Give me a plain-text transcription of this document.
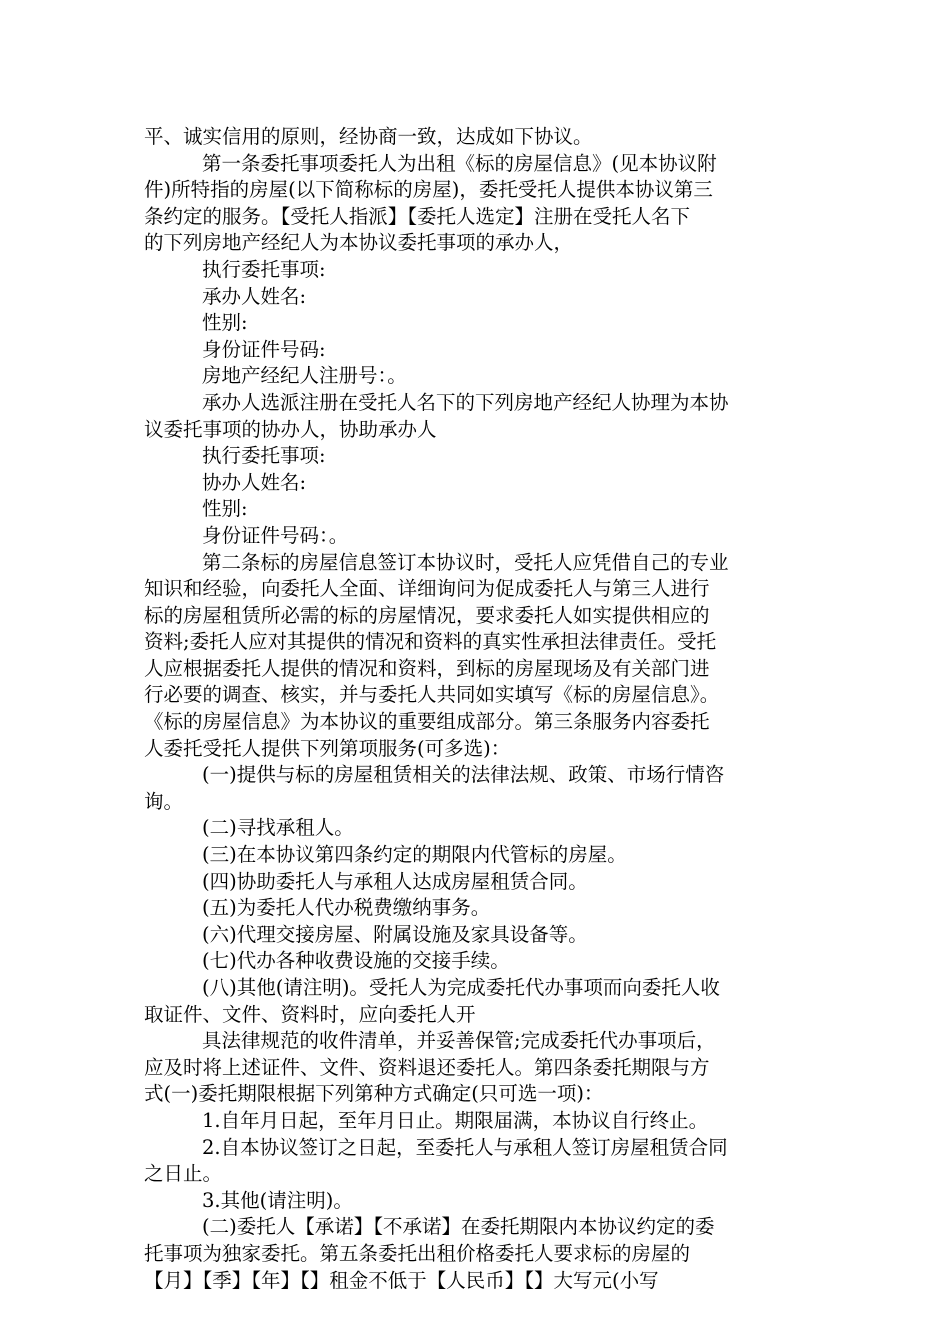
平、诚实信用的原则，经协商一致，达成如下协议。

第一条委托事项委托人为出租《标的房屋信息》(见本协议附

件)所特指的房屋(以下简称标的房屋)，委托受托人提供本协议第三

条约定的服务。【受托人指派】【委托人选定】注册在受托人名下

的下列房地产经纪人为本协议委托事项的承办人，

执行委托事项:

承办人姓名:

性别:

身份证件号码:

房地产经纪人注册号：。

承办人选派注册在受托人名下的下列房地产经纪人协理为本协

议委托事项的协办人，协助承办人

执行委托事项:

协办人姓名:

性别:

身份证件号码：。

第二条标的房屋信息签订本协议时，受托人应凭借自己的专业

知识和经验，向委托人全面、详细询问为促成委托人与第三人进行

标的房屋租赁所必需的标的房屋情况，要求委托人如实提供相应的

资料;委托人应对其提供的情况和资料的真实性承担法律责任。受托

人应根据委托人提供的情况和资料，到标的房屋现场及有关部门进

行必要的调查、核实，并与委托人共同如实填写《标的房屋信息》。

《标的房屋信息》为本协议的重要组成部分。第三条服务内容委托

人委托受托人提供下列第项服务(可多选)：

(一)提供与标的房屋租赁相关的法律法规、政策、市场行情咨

询。

(二)寻找承租人。

(三)在本协议第四条约定的期限内代管标的房屋。

(四)协助委托人与承租人达成房屋租赁合同。

(五)为委托人代办税费缴纳事务。

(六)代理交接房屋、附属设施及家具设备等。

(七)代办各种收费设施的交接手续。

(八)其他(请注明)。受托人为完成委托代办事项而向委托人收

取证件、文件、资料时，应向委托人开

具法律规范的收件清单，并妥善保管;完成委托代办事项后，

应及时将上述证件、文件、资料退还委托人。第四条委托期限与方

式(一)委托期限根据下列第种方式确定(只可选一项)：

1.自年月日起，至年月日止。期限届满，本协议自行终止。

2.自本协议签订之日起，至委托人与承租人签订房屋租赁合同

之日止。

3.其他(请注明)。

(二)委托人【承诺】【不承诺】在委托期限内本协议约定的委

托事项为独家委托。第五条委托出租价格委托人要求标的房屋的

【月】【季】【年】【】租金不低于【人民币】【】大写元(小写
